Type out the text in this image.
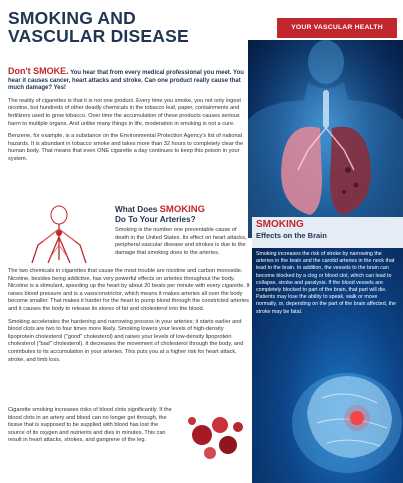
SMOKING AND
VASCULAR DISEASE	YOUR VASCULAR HEALTH

Don't SMOKE. You hear that from every medical professional you meet. You hear it causes cancer, heart attacks and stroke. Can one product really cause that much damage? Yes!

The reality of cigarettes is that it is not one product. Every time you smoke, you not only ingest nicotine, but hundreds of other deadly chemicals in the tobacco leaf, paper, containments and fertilizers used to grow tobacco. Over time the accumulation of these products causes serious harm to multiple organs. And unlike many things in life, moderation in smoking is not a cure.

Benzene, for example, is a substance on the Environmental Protection Agency's list of national hazards. It is abundant in tobacco smoke and takes more than 32 hours to completely clear the human body. That means that even ONE cigarette a day continues to keep this poison in your system.

What Does SMOKING
Do To Your Arteries?

Smoking is the number one preventable cause of death in the United States. Its effect on heart attacks, peripheral vascular disease and strokes is due to the damage that smoking does to the arteries.

The two chemicals in cigarettes that cause the most trouble are nicotine and carbon monoxide. Nicotine, besides being addictive, has very powerful effects on arteries throughout the body. Nicotine is a stimulant, speeding up the heart by about 20 beats per minute with every cigarette. It raises blood pressure and is a vasoconstrictor, which means it makes arteries all over the body become smaller. That makes it harder for the heart to pump blood through the constricted arteries and it causes the body to release its stores of fat and cholesterol into the blood.

Smoking accelerates the hardening and narrowing process in your arteries; it starts earlier and blood clots are two to four times more likely. Smoking lowers your levels of high-density lipoprotein cholesterol ("good" cholesterol) and raises your levels of low-density lipoprotein cholesterol ("bad" cholesterol). It decreases the movement of cholesterol through the body, and contributes to its accumulation in your arteries. This puts you at a higher risk for heart attack, stroke, and limb loss.

Cigarette smoking increases risks of blood clots significantly. If the blood clots in an artery and blood can no longer get through, the tissue that is supposed to be supplied with blood has lost the source of its oxygen and nutrients and dies in minutes. This can result in heart attacks, strokes, and gangrene of the leg.

SMOKING
Effects on the Brain
Smoking increases the risk of stroke by narrowing the arteries in the brain and the carotid arteries in the neck that lead to the brain. In addition, the vessels to the brain can become blocked by a clog or blood clot, which can lead to collapse, stroke and paralysis. If the blood vessels are completely blocked to part of the brain, that part will die. Patients may lose the ability to speak, walk or move normally, or, depending on the part of the brain affected, the stroke may be fatal.
